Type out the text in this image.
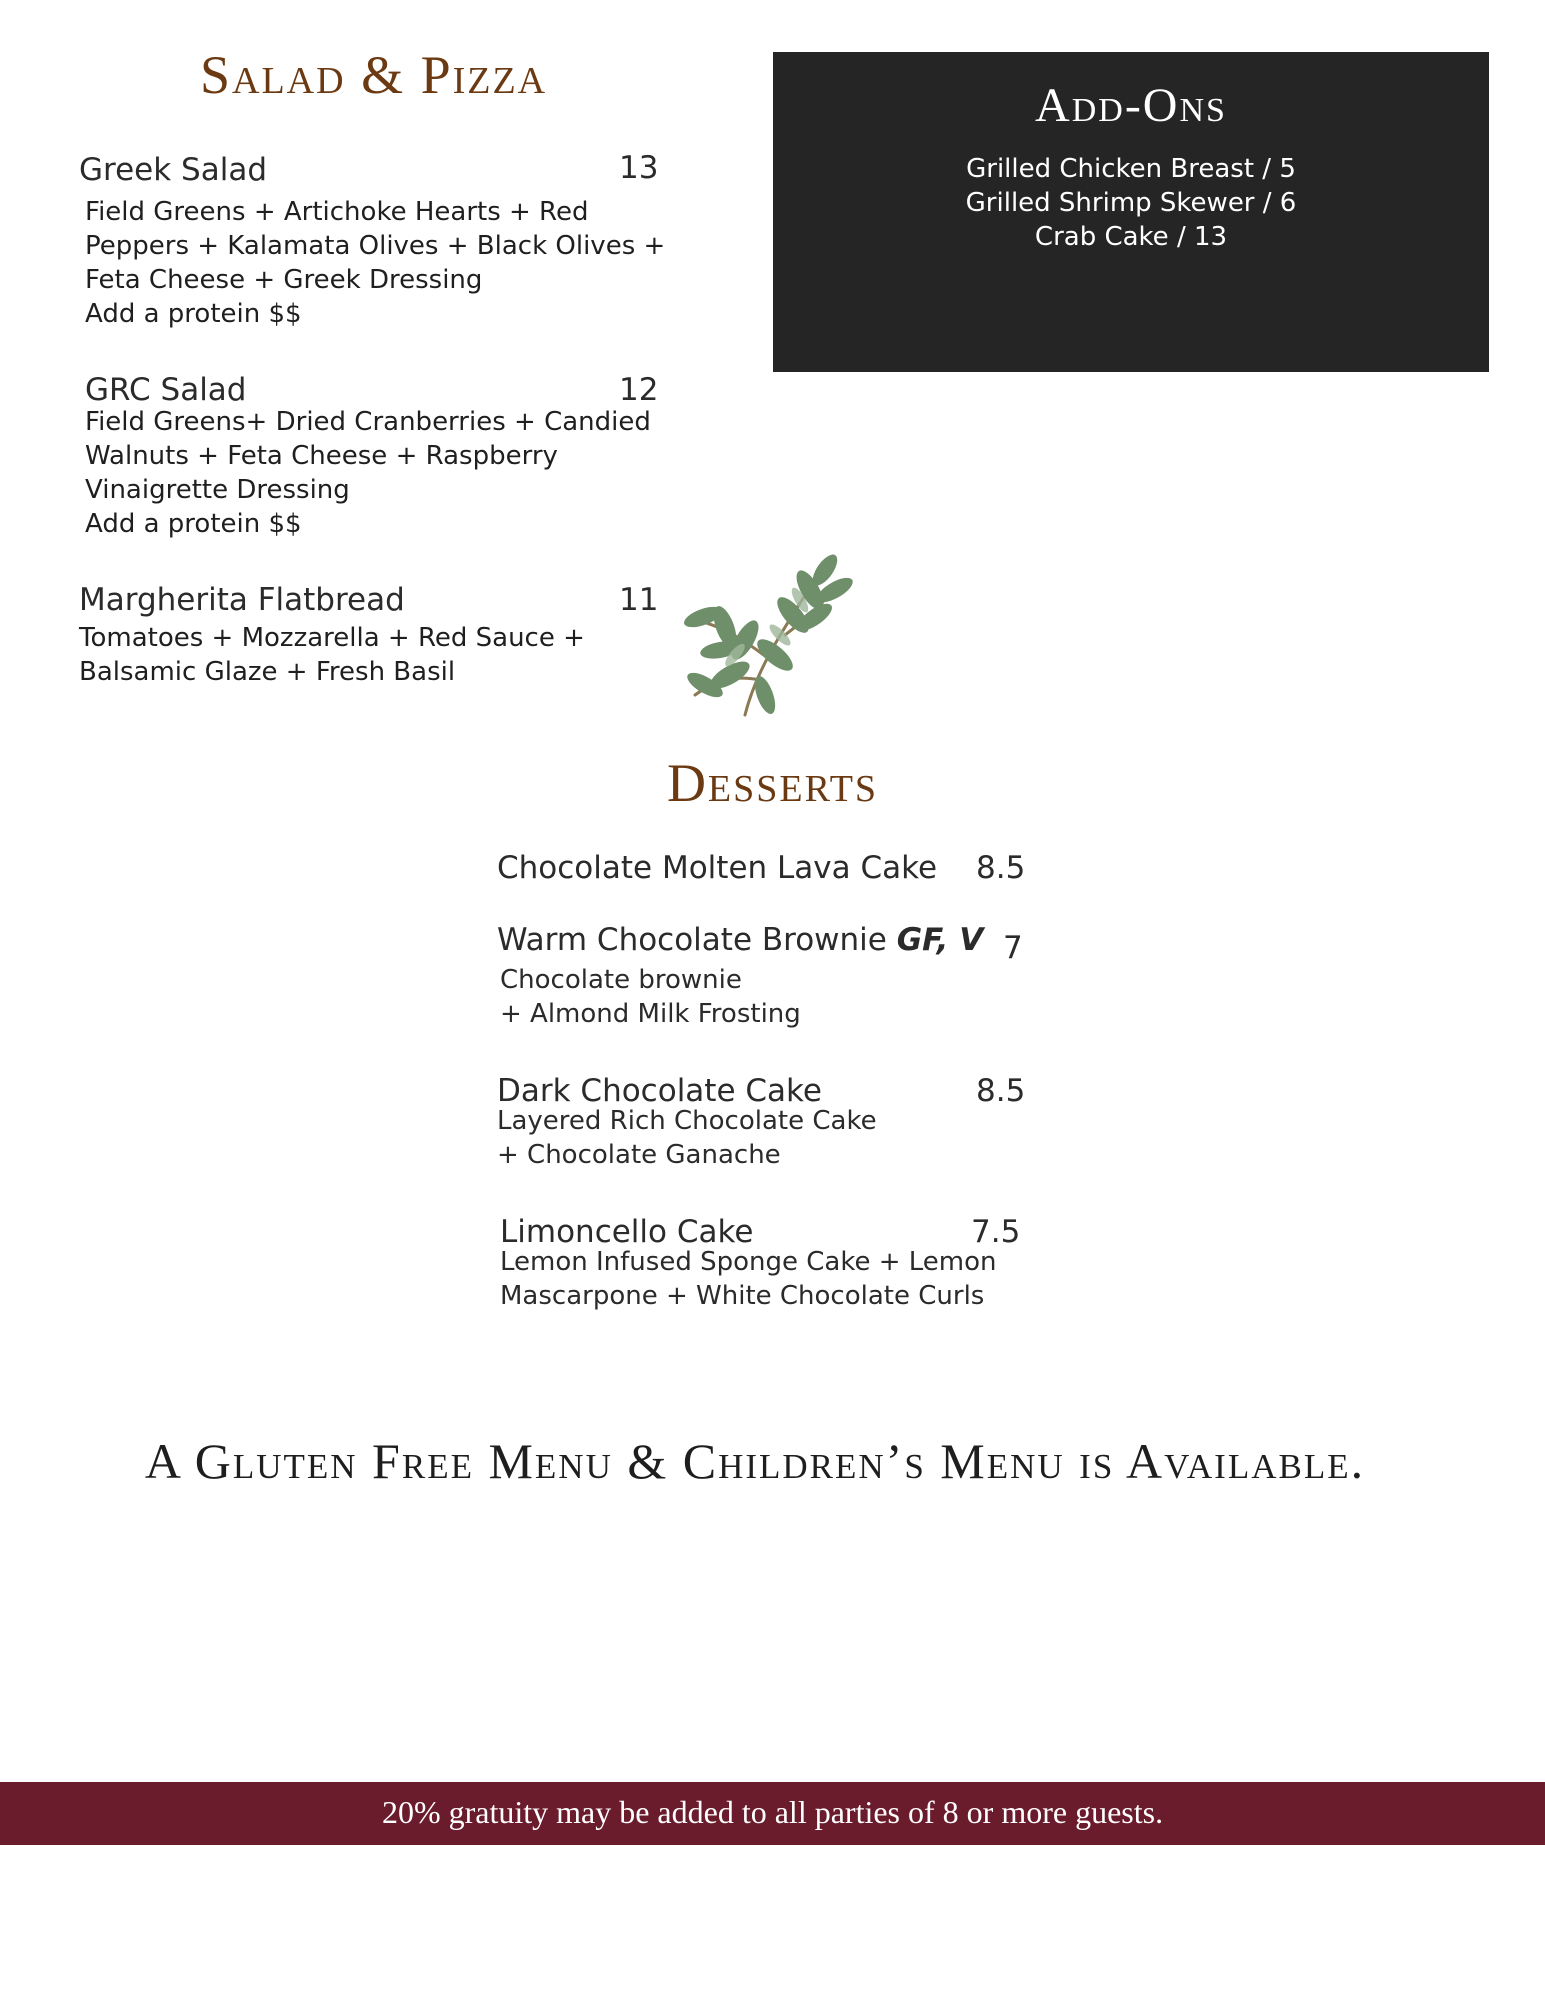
Salad & Pizza
Greek Salad	13
Field Greens + Artichoke Hearts + Red
Peppers + Kalamata Olives + Black Olives +
Feta Cheese + Greek Dressing
Add a protein $$
GRC Salad	12
Field Greens+ Dried Cranberries + Candied
Walnuts + Feta Cheese + Raspberry
Vinaigrette Dressing
Add a protein $$
Margherita Flatbread	11
Tomatoes + Mozzarella + Red Sauce +
Balsamic Glaze + Fresh Basil
Add-Ons
Grilled Chicken Breast / 5
Grilled Shrimp Skewer / 6
Crab Cake / 13
Desserts
Chocolate Molten Lava Cake 8.5
Warm Chocolate Brownie GF, V 7
Chocolate brownie
+ Almond Milk Frosting
Dark Chocolate Cake	8.5
Layered Rich Chocolate Cake
+ Chocolate Ganache
Limoncello Cake	7.5
Lemon Infused Sponge Cake + Lemon
Mascarpone + White Chocolate Curls
A Gluten Free Menu & Children’s Menu is Available.
20% gratuity may be added to all parties of 8 or more guests.
